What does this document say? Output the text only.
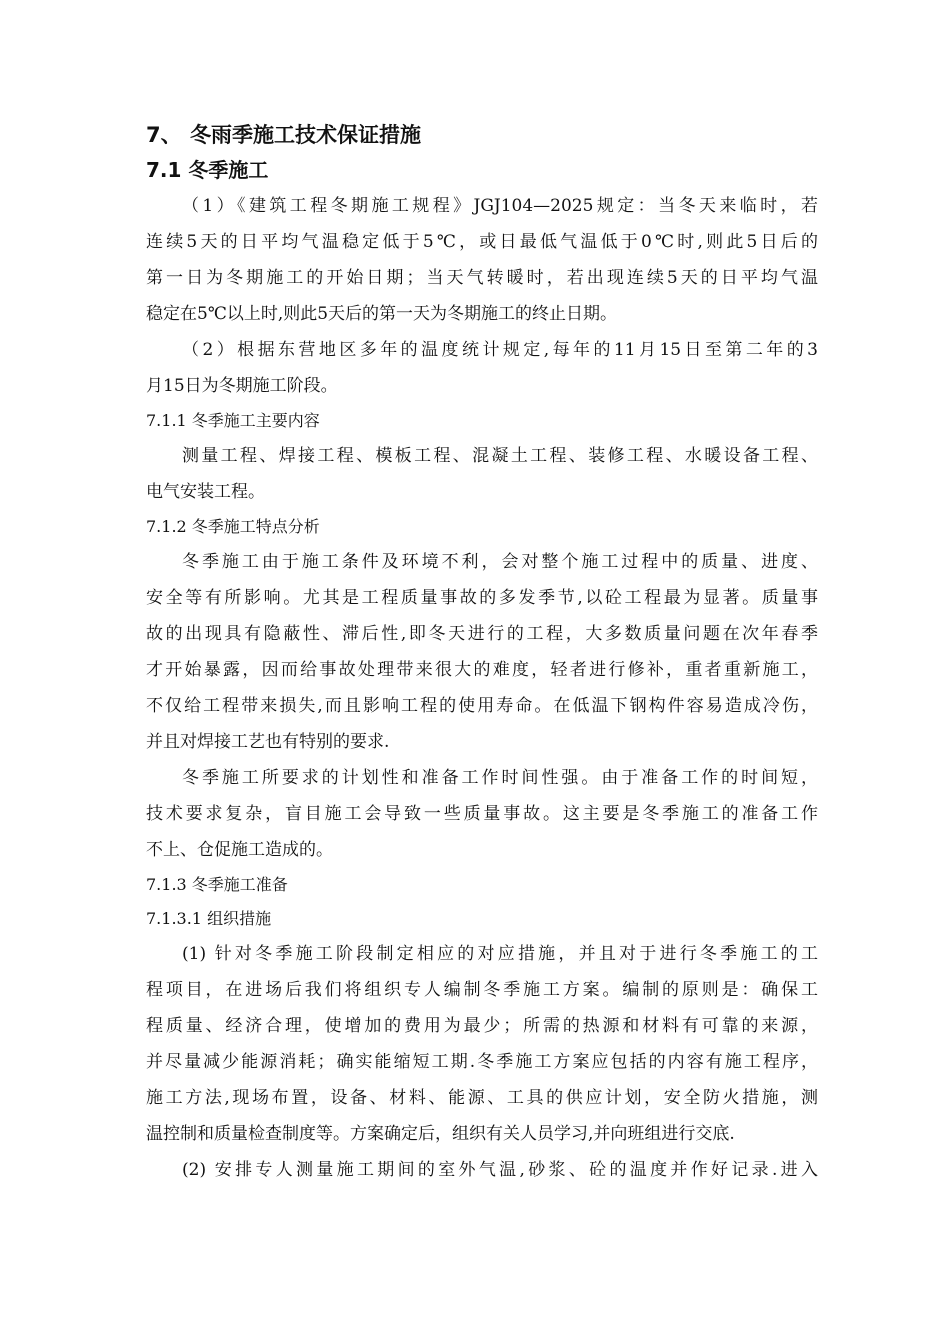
7、 冬雨季施工技术保证措施
7.1 冬季施工
（1）《建筑工程冬期施工规程》JGJ104—2025规定：当冬天来临时，若
连续5天的日平均气温稳定低于5℃，或日最低气温低于0℃时,则此5日后的
第一日为冬期施工的开始日期；当天气转暖时，若出现连续5天的日平均气温
稳定在5℃以上时,则此5天后的第一天为冬期施工的终止日期。
（2）根据东营地区多年的温度统计规定,每年的11月15日至第二年的3
月15日为冬期施工阶段。
7.1.1 冬季施工主要内容
测量工程、焊接工程、模板工程、混凝土工程、装修工程、水暖设备工程、
电气安装工程。
7.1.2 冬季施工特点分析
冬季施工由于施工条件及环境不利，会对整个施工过程中的质量、进度、
安全等有所影响。尤其是工程质量事故的多发季节,以砼工程最为显著。质量事
故的出现具有隐蔽性、滞后性,即冬天进行的工程，大多数质量问题在次年春季
才开始暴露，因而给事故处理带来很大的难度，轻者进行修补，重者重新施工，
不仅给工程带来损失,而且影响工程的使用寿命。在低温下钢构件容易造成冷伤，
并且对焊接工艺也有特别的要求.
冬季施工所要求的计划性和准备工作时间性强。由于准备工作的时间短，
技术要求复杂，盲目施工会导致一些质量事故。这主要是冬季施工的准备工作
不上、仓促施工造成的。
7.1.3 冬季施工准备
7.1.3.1 组织措施
(1) 针对冬季施工阶段制定相应的对应措施，并且对于进行冬季施工的工
程项目，在进场后我们将组织专人编制冬季施工方案。编制的原则是：确保工
程质量、经济合理，使增加的费用为最少；所需的热源和材料有可靠的来源，
并尽量减少能源消耗；确实能缩短工期.冬季施工方案应包括的内容有施工程序，
施工方法,现场布置，设备、材料、能源、工具的供应计划，安全防火措施，测
温控制和质量检查制度等。方案确定后，组织有关人员学习,并向班组进行交底.
(2) 安排专人测量施工期间的室外气温,砂浆、砼的温度并作好记录.进入
